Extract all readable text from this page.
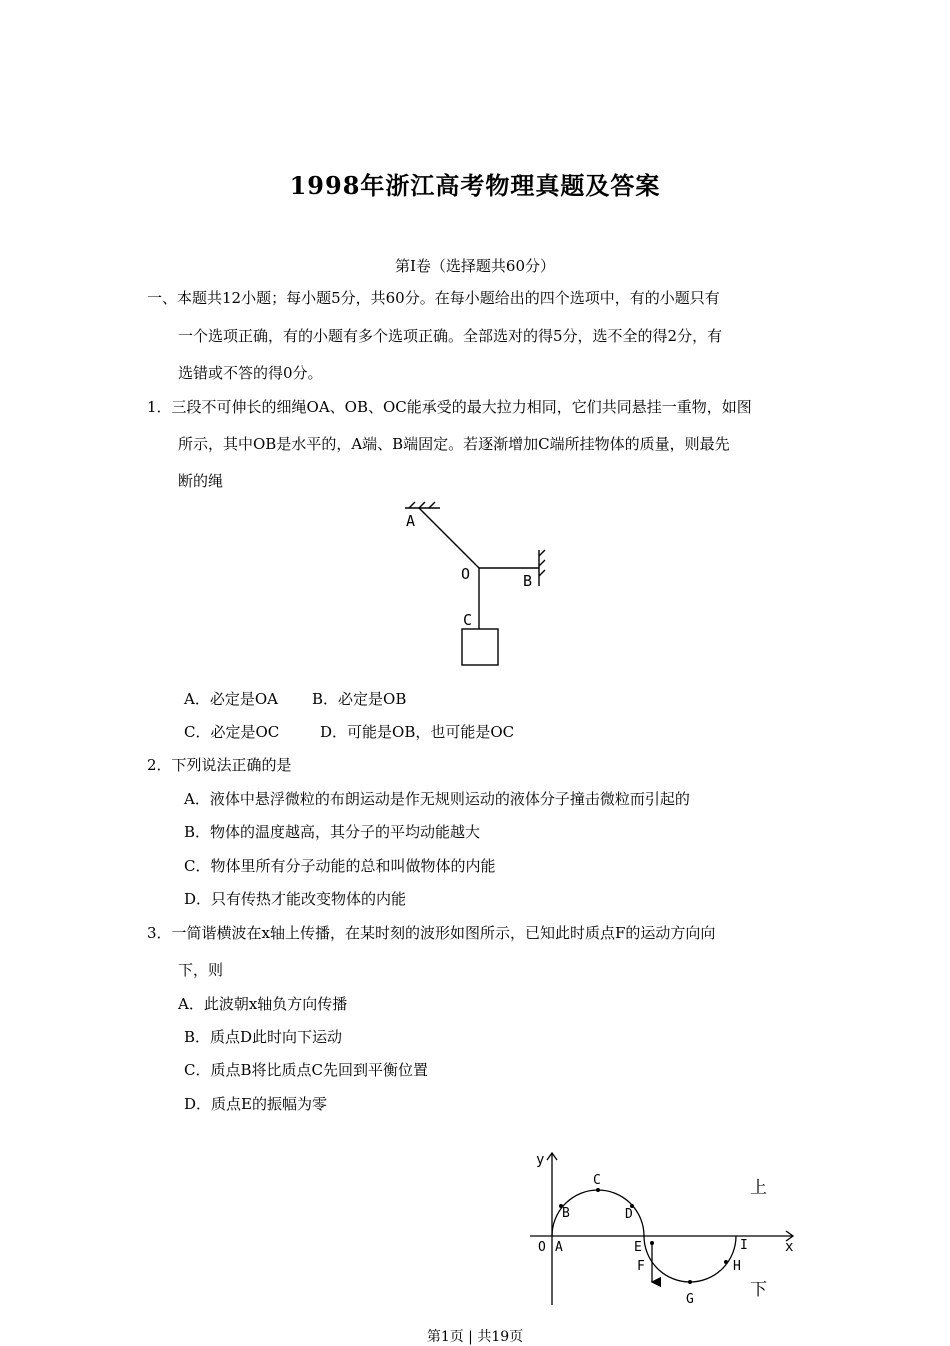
1998年浙江高考物理真题及答案
第I卷（选择题共60分）
一、本题共12小题；每小题5分，共60分。在每小题给出的四个选项中，有的小题只有
一个选项正确，有的小题有多个选项正确。全部选对的得5分，选不全的得2分，有
选错或不答的得0分。
1．三段不可伸长的细绳OA、OB、OC能承受的最大拉力相同，它们共同悬挂一重物，如图
所示，其中OB是水平的，A端、B端固定。若逐渐增加C端所挂物体的质量，则最先
断的绳
A
O	B
C
A．必定是OA B．必定是OB
C．必定是OC	D．可能是OB，也可能是OC
2．下列说法正确的是
A．液体中悬浮微粒的布朗运动是作无规则运动的液体分子撞击微粒而引起的
B．物体的温度越高，其分子的平均动能越大
C．物体里所有分子动能的总和叫做物体的内能
D．只有传热才能改变物体的内能
3．一简谐横波在x轴上传播，在某时刻的波形如图所示，已知此时质点F的运动方向向
下，则
A．此波朝x轴负方向传播
B．质点D此时向下运动
C．质点B将比质点C先回到平衡位置
D．质点E的振幅为零
y
x
O A
B
C
D
E
F
G
H
I
上
下
第1页 | 共19页
